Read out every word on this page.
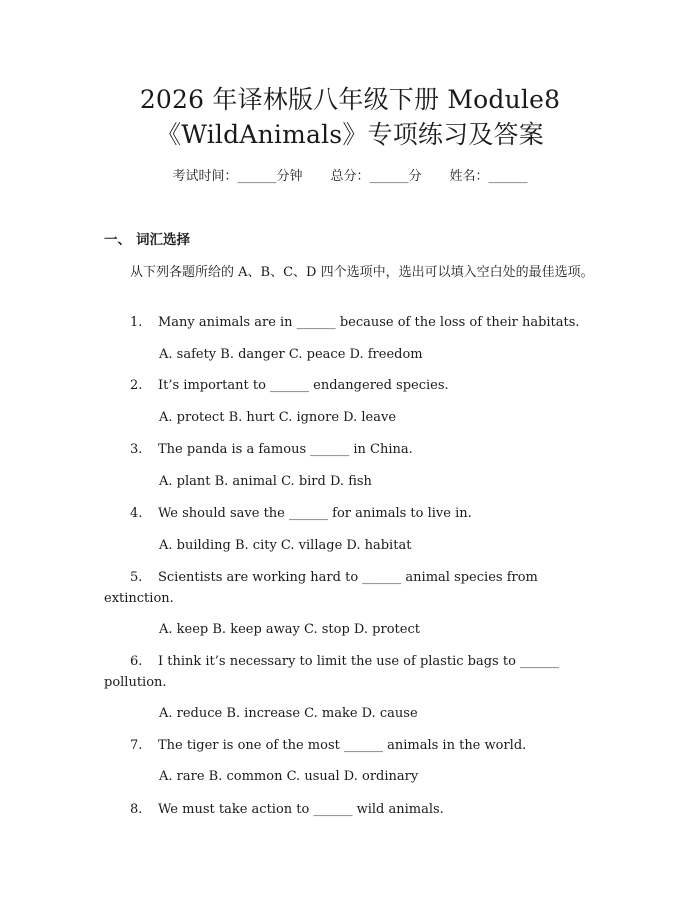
2026 年译林版八年级下册 Module8
《WildAnimals》专项练习及答案
考试时间：______分钟 总分：______分 姓名：______
一、 词汇选择
从下列各题所给的 A、B、C、D 四个选项中，选出可以填入空白处的最佳选项。
1. Many animals are in ______ because of the loss of their habitats.
A. safety B. danger C. peace D. freedom
2. It’s important to ______ endangered species.
A. protect B. hurt C. ignore D. leave
3. The panda is a famous ______ in China.
A. plant B. animal C. bird D. fish
4. We should save the ______ for animals to live in.
A. building B. city C. village D. habitat
5. Scientists are working hard to ______ animal species from extinction.
A. keep B. keep away C. stop D. protect
6. I think it’s necessary to limit the use of plastic bags to ______ pollution.
A. reduce B. increase C. make D. cause
7. The tiger is one of the most ______ animals in the world.
A. rare B. common C. usual D. ordinary
8. We must take action to ______ wild animals.
